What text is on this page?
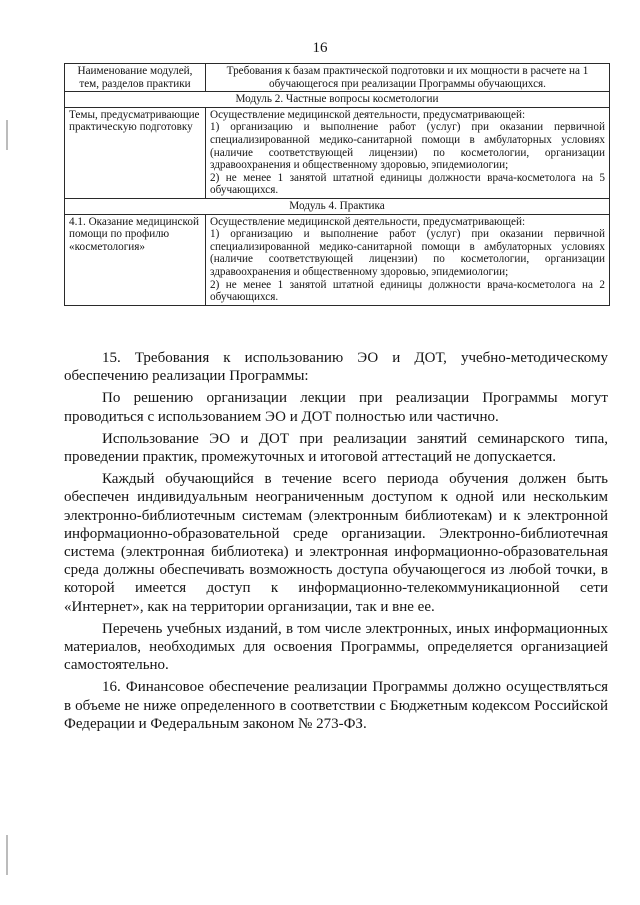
16
Наименование модулей, тем, разделов практики	Требования к базам практической подготовки и их мощности в расчете на 1 обучающегося при реализации Программы обучающихся.
Модуль 2. Частные вопросы косметологии	
Темы, предусматривающие практическую подготовку	Осуществление медицинской деятельности, предусматривающей:
1) организацию и выполнение работ (услуг) при оказании первичной специализированной медико-санитарной помощи в амбулаторных условиях (наличие соответствующей лицензии) по косметологии, организации здравоохранения и общественному здоровью, эпидемиологии;
2) не менее 1 занятой штатной единицы должности врача-косметолога на 5 обучающихся.

Модуль 4. Практика	
4.1. Оказание медицинской помощи по профилю «косметология»	Осуществление медицинской деятельности, предусматривающей:
1) организацию и выполнение работ (услуг) при оказании первичной специализированной медико-санитарной помощи в амбулаторных условиях (наличие соответствующей лицензии) по косметологии, организации здравоохранения и общественному здоровью, эпидемиологии;
2) не менее 1 занятой штатной единицы должности врача-косметолога на 2 обучающихся.

15. Требования к использованию ЭО и ДОТ, учебно-методическому обеспечению реализации Программы:

По решению организации лекции при реализации Программы могут проводиться с использованием ЭО и ДОТ полностью или частично.

Использование ЭО и ДОТ при реализации занятий семинарского типа, проведении практик, промежуточных и итоговой аттестаций не допускается.

Каждый обучающийся в течение всего периода обучения должен быть обеспечен индивидуальным неограниченным доступом к одной или нескольким электронно-библиотечным системам (электронным библиотекам) и к электронной информационно-образовательной среде организации. Электронно-библиотечная система (электронная библиотека) и электронная информационно-образовательная среда должны обеспечивать возможность доступа обучающегося из любой точки, в которой имеется доступ к информационно-телекоммуникационной сети «Интернет», как на территории организации, так и вне ее.

Перечень учебных изданий, в том числе электронных, иных информационных материалов, необходимых для освоения Программы, определяется организацией самостоятельно.

16. Финансовое обеспечение реализации Программы должно осуществляться в объеме не ниже определенного в соответствии с Бюджетным кодексом Российской Федерации и Федеральным законом № 273-ФЗ.
